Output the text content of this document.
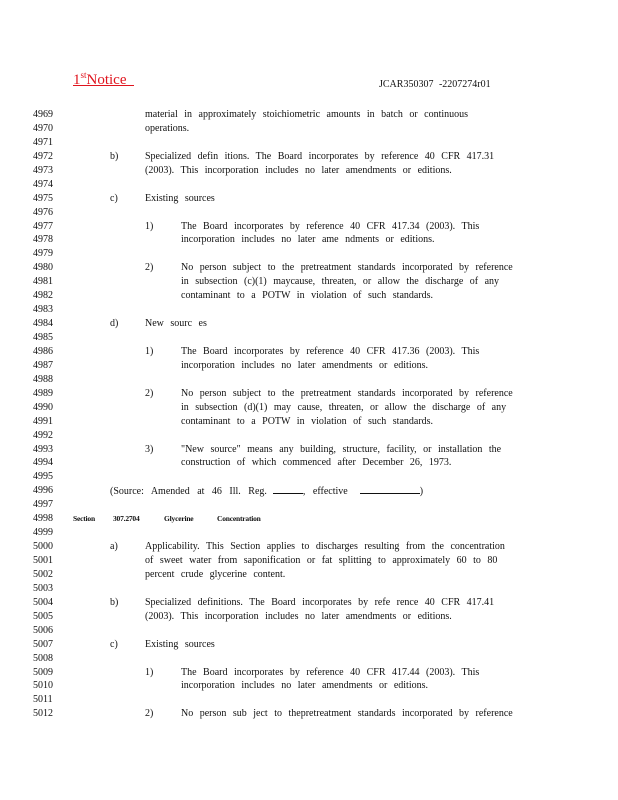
1stNotice	JCAR350307 -2207274r01
4969	material in approximately stoichiometric amounts in batch or continuous
4970	operations.
4971
4972	b)	Specialized defin itions. The Board incorporates by reference 40 CFR 417.31
4973	(2003). This incorporation includes no later amendments or editions.
4974
4975	c)	Existing sources
4976
4977	1)	The Board incorporates by reference 40 CFR 417.34 (2003). This
4978	incorporation includes no later ame ndments or editions.
4979
4980	2)	No person subject to the pretreatment standards incorporated by reference
4981	in subsection (c)(1) maycause, threaten, or allow the discharge of any
4982	contaminant to a POTW in violation of such standards.
4983
4984	d)	New sourc es
4985
4986	1)	The Board incorporates by reference 40 CFR 417.36 (2003). This
4987	incorporation includes no later amendments or editions.
4988
4989	2)	No person subject to the pretreatment standards incorporated by reference
4990	in subsection (d)(1) may cause, threaten, or allow the discharge of any
4991	contaminant to a POTW in violation of such standards.
4992
4993	3)	"New source" means any building, structure, facility, or installation the
4994	construction of which commenced after December 26, 1973.
4995
4996	(Source: Amended at 46 Ill. Reg.	, effective	)
4997
4998	Section 307.2704	Glycerine	Concentration
4999
5000	a)	Applicability. This Section applies to discharges resulting from the concentration
5001	of sweet water from saponification or fat splitting to approximately 60 to 80
5002	percent crude glycerine content.
5003
5004	b)	Specialized definitions. The Board incorporates by refe rence 40 CFR 417.41
5005	(2003). This incorporation includes no later amendments or editions.
5006
5007	c)	Existing sources
5008
5009	1)	The Board incorporates by reference 40 CFR 417.44 (2003). This
5010	incorporation includes no later amendments or editions.
5011
5012	2)	No person sub ject to thepretreatment standards incorporated by reference
